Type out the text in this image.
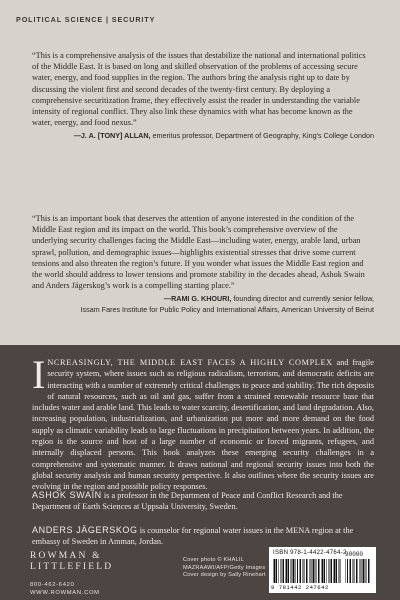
POLITICAL SCIENCE | SECURITY
“This is a comprehensive analysis of the issues that destabilize the national and international politics of the Middle East. It is based on long and skilled observation of the problems of accessing secure water, energy, and food supplies in the region. The authors bring the analysis right up to date by discussing the violent first and second decades of the twenty-first century. By deploying a comprehensive securitization frame, they effectively assist the reader in understanding the variable intensity of regional conflict. They also link these dynamics with what has become known as the water, energy, and food nexus.”
—J. A. [TONY] ALLAN, emeritus professor, Department of Geography, King’s College London
“This is an important book that deserves the attention of anyone interested in the condition of the Middle East region and its impact on the world. This book’s comprehensive overview of the underlying security challenges facing the Middle East—including water, energy, arable land, urban sprawl, pollution, and demographic issues—highlights existential stresses that drive some current tensions and also threaten the region’s future. If you wonder what issues the Middle East region and the world should address to lower tensions and promote stability in the decades ahead, Ashok Swain and Anders Jägerskog’s work is a compelling starting place.”
—RAMI G. KHOURI, founding director and currently senior fellow,
Issam Fares Institute for Public Policy and International Affairs, American University of Beirut
INCREASINGLY, THE MIDDLE EAST FACES A HIGHLY COMPLEX and fragile security system, where issues such as religious radicalism, terrorism, and democratic deficits are interacting with a number of extremely critical challenges to peace and stability. The rich deposits of natural resources, such as oil and gas, suffer from a strained renewable resource base that includes water and arable land. This leads to water scarcity, desertification, and land degradation. Also, increasing population, industrialization, and urbanization put more and more demand on the food supply as climatic variability leads to large fluctuations in precipitation between years. In addition, the region is the source and host of a large number of economic or forced migrants, refugees, and internally displaced persons. This book analyzes these emerging security challenges in a comprehensive and systematic manner. It draws national and regional security issues into both the global security analysis and human security perspective. It also outlines where the security issues are evolving in the region and possible policy responses.
ASHOK SWAIN is a professor in the Department of Peace and Conflict Research and the Department of Earth Sciences at Uppsala University, Sweden.
ANDERS JÄGERSKOG is counselor for regional water issues in the MENA region at the embassy of Sweden in Amman, Jordan.
ROWMAN &
LITTLEFIELD
800-462-6420
WWW.ROWMAN.COM
Cover photo © KHALIL
MAZRAAWI/AFP/Getty Images
Cover design by Sally Rinehart
ISBN 978-1-4422-4764-2
90000
9 781442 247642
